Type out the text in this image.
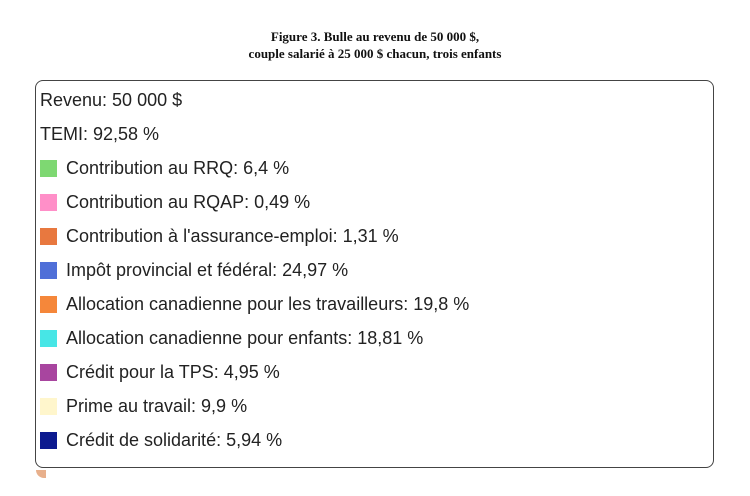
Figure 3. Bulle au revenu de 50 000 $,
couple salarié à 25 000 $ chacun, trois enfants
Revenu: 50 000 $
TEMI: 92,58 %
Contribution au RRQ: 6,4 %
Contribution au RQAP: 0,49 %
Contribution à l'assurance-emploi: 1,31 %
Impôt provincial et fédéral: 24,97 %
Allocation canadienne pour les travailleurs: 19,8 %
Allocation canadienne pour enfants: 18,81 %
Crédit pour la TPS: 4,95 %
Prime au travail: 9,9 %
Crédit de solidarité: 5,94 %
